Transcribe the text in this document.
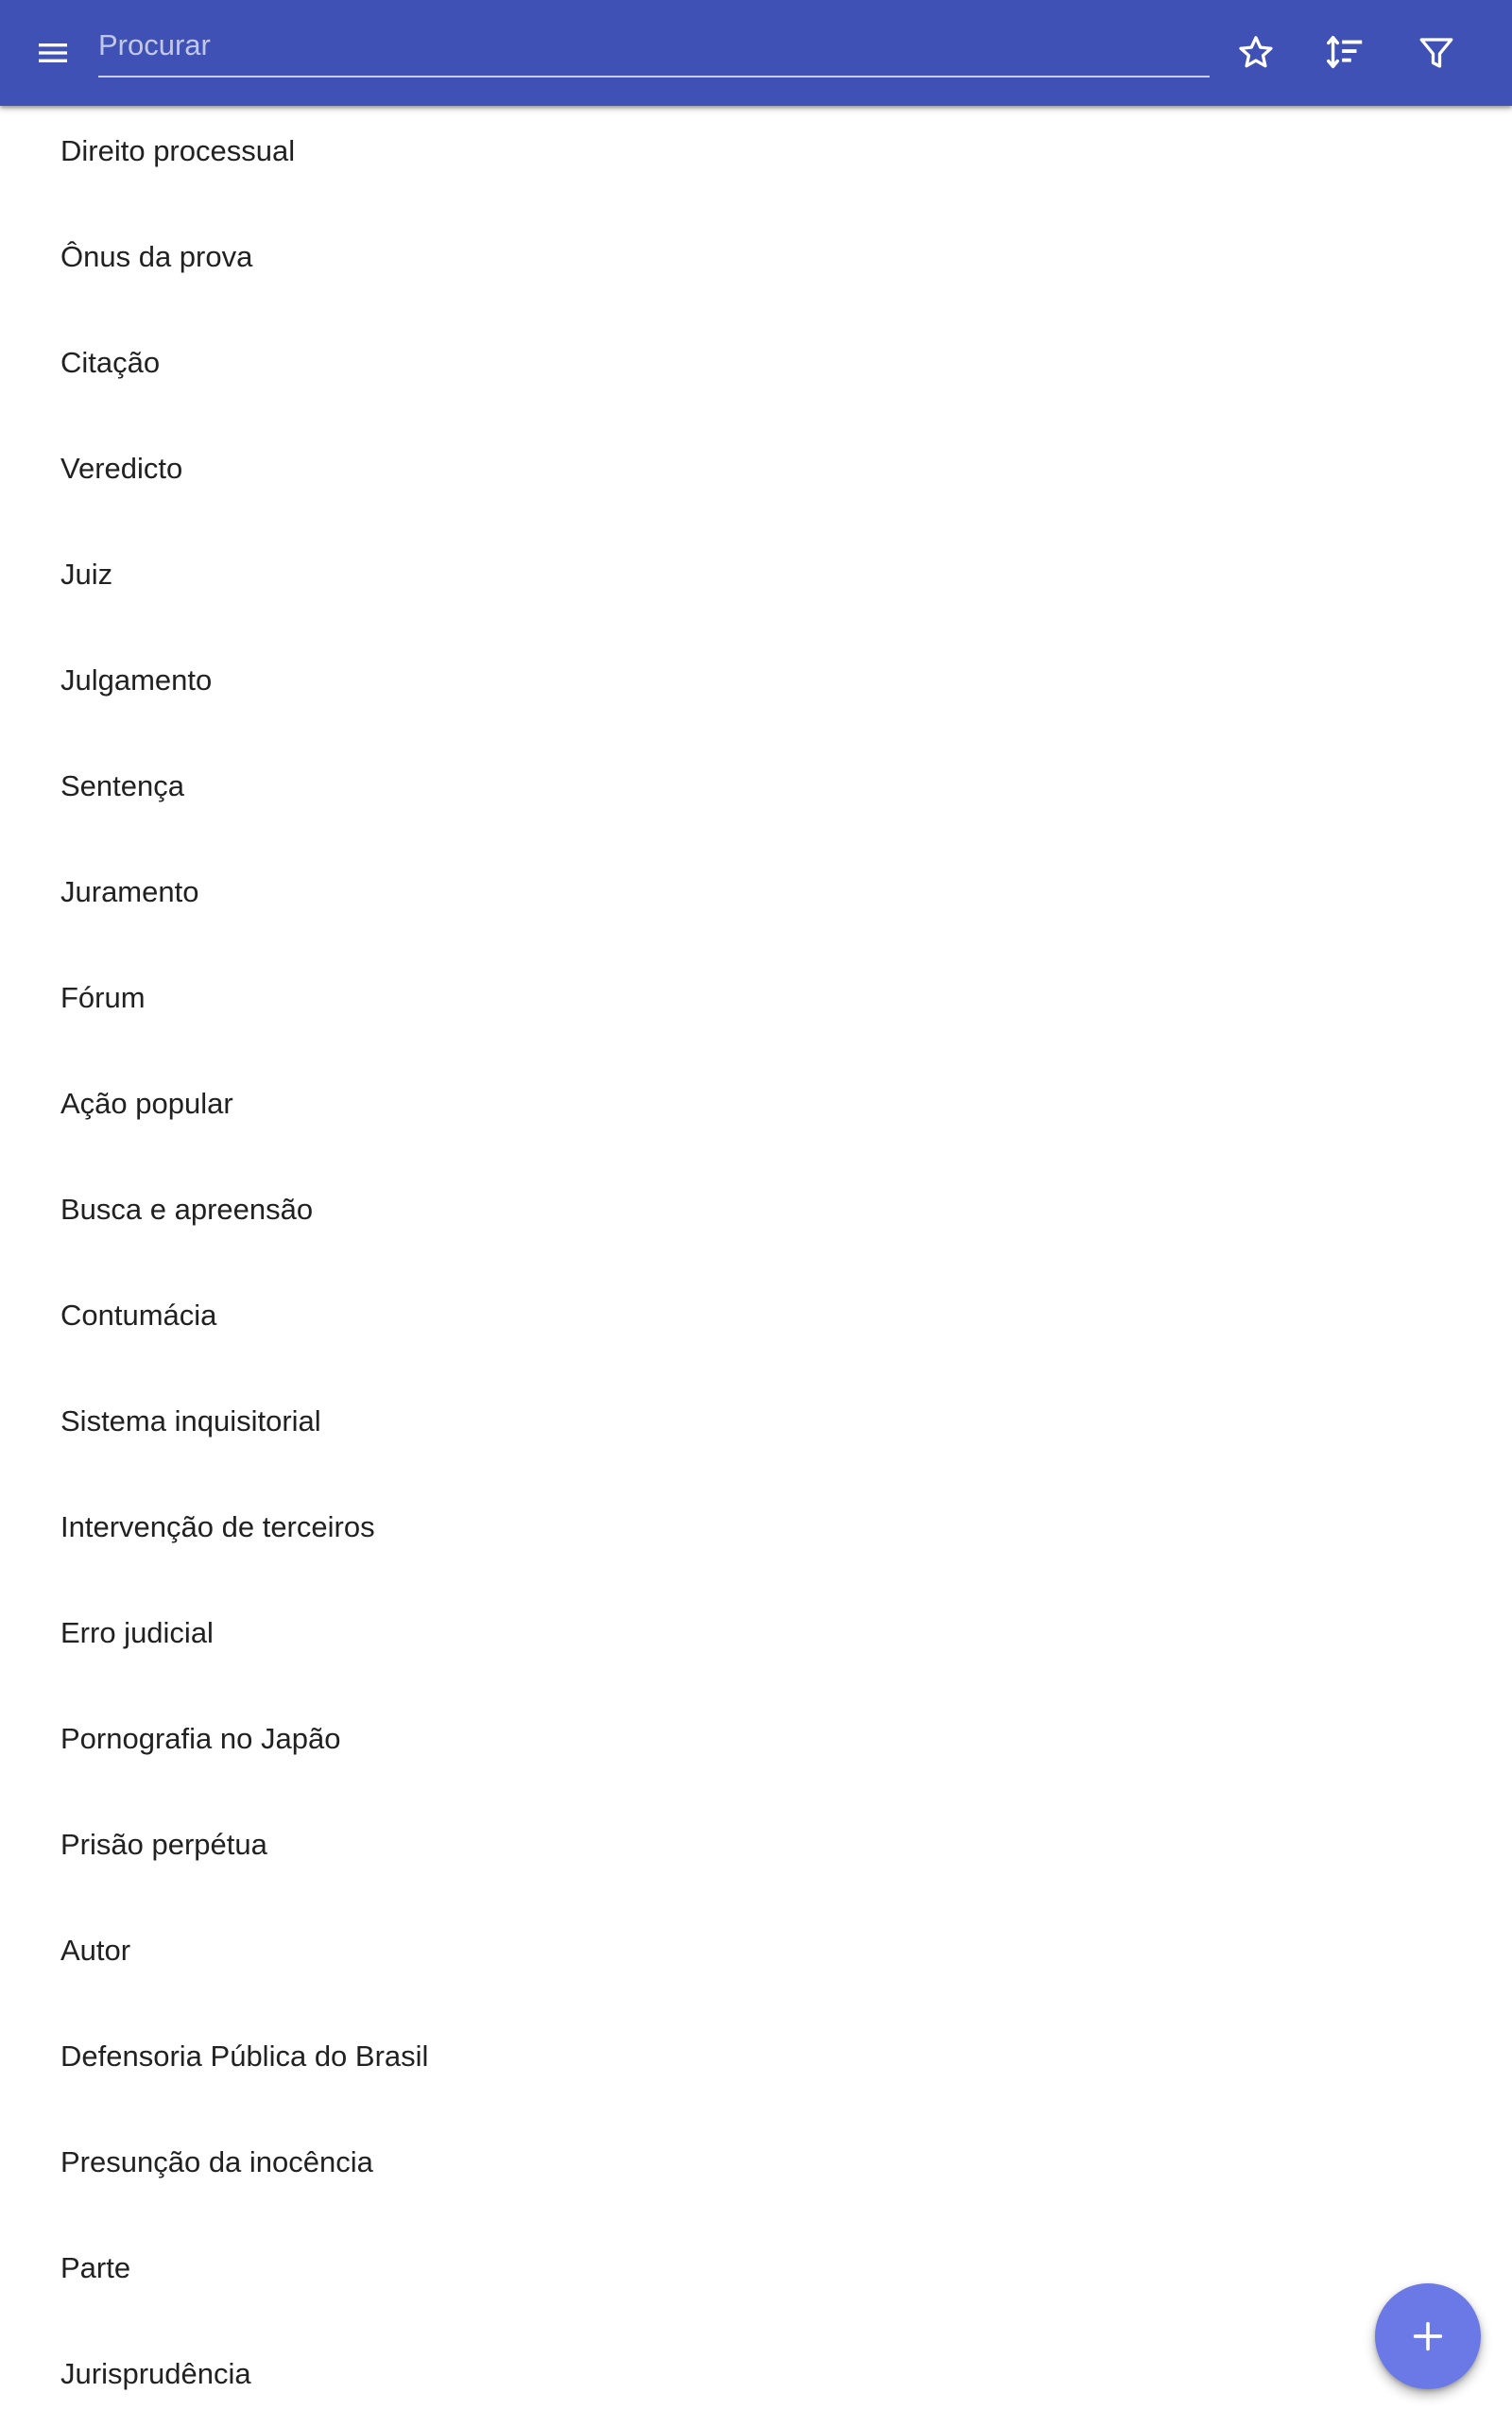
Procurar
Direito processual
Ônus da prova
Citação
Veredicto
Juiz
Julgamento
Sentença
Juramento
Fórum
Ação popular
Busca e apreensão
Contumácia
Sistema inquisitorial
Intervenção de terceiros
Erro judicial
Pornografia no Japão
Prisão perpétua
Autor
Defensoria Pública do Brasil
Presunção da inocência
Parte
Jurisprudência
